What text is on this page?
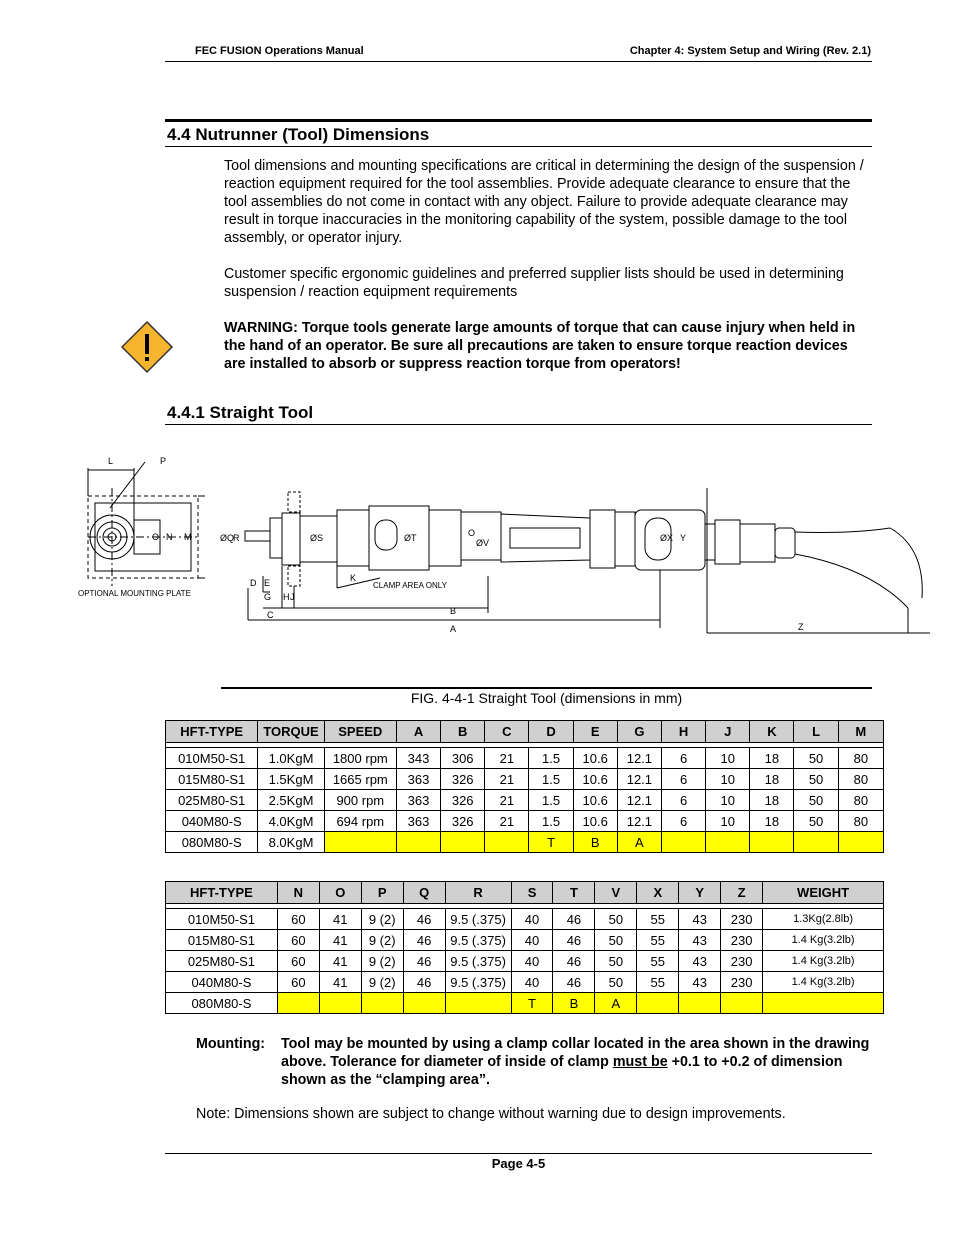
FEC FUSION Operations Manual	Chapter 4: System Setup and Wiring (Rev. 2.1)
4.4 Nutrunner (Tool) Dimensions
Tool dimensions and mounting specifications are critical in determining the design of the suspension / reaction equipment required for the tool assemblies. Provide adequate clearance to ensure that the tool assemblies do not come in contact with any object. Failure to provide adequate clearance may result in torque inaccuracies in the monitoring capability of the system, possible damage to the tool assembly, or operator injury.
Customer specific ergonomic guidelines and preferred supplier lists should be used in determining suspension / reaction equipment requirements
WARNING: Torque tools generate large amounts of torque that can cause injury when held in the hand of an operator. Be sure all precautions are taken to ensure torque reaction devices are installed to absorb or suppress reaction torque from operators!
4.4.1 Straight Tool
L	P
O N M
OPTIONAL MOUNTING PLATE
ØQ
R	ØS	ØT	O
ØV	ØX Y
Z
D E
G H J
K
CLAMP AREA ONLY
C	B
A
FIG. 4-4-1 Straight Tool (dimensions in mm)
HFT-TYPE	TORQUE	SPEED	A	B	C	D	E	G	H	J	K	L	M

010M50-S1	1.0KgM	1800 rpm	343	306	21	1.5	10.6	12.1	6	10	18	50	80
015M80-S1	1.5KgM	1665 rpm	363	326	21	1.5	10.6	12.1	6	10	18	50	80
025M80-S1	2.5KgM	900 rpm	363	326	21	1.5	10.6	12.1	6	10	18	50	80
040M80-S	4.0KgM	694 rpm	363	326	21	1.5	10.6	12.1	6	10	18	50	80
080M80-S	8.0KgM					T	B	A					
HFT-TYPE	N	O	P	Q	R	S	T	V	X	Y	Z	WEIGHT

010M50-S1	60	41	9 (2)	46	9.5 (.375)	40	46	50	55	43	230	1.3Kg(2.8lb)
015M80-S1	60	41	9 (2)	46	9.5 (.375)	40	46	50	55	43	230	1.4 Kg(3.2lb)
025M80-S1	60	41	9 (2)	46	9.5 (.375)	40	46	50	55	43	230	1.4 Kg(3.2lb)
040M80-S	60	41	9 (2)	46	9.5 (.375)	40	46	50	55	43	230	1.4 Kg(3.2lb)
080M80-S						T	B	A				
Mounting: Tool may be mounted by using a clamp collar located in the area shown in the drawing above. Tolerance for diameter of inside of clamp must be +0.1 to +0.2 of dimension shown as the “clamping area”.
Note: Dimensions shown are subject to change without warning due to design improvements.
Page 4-5
